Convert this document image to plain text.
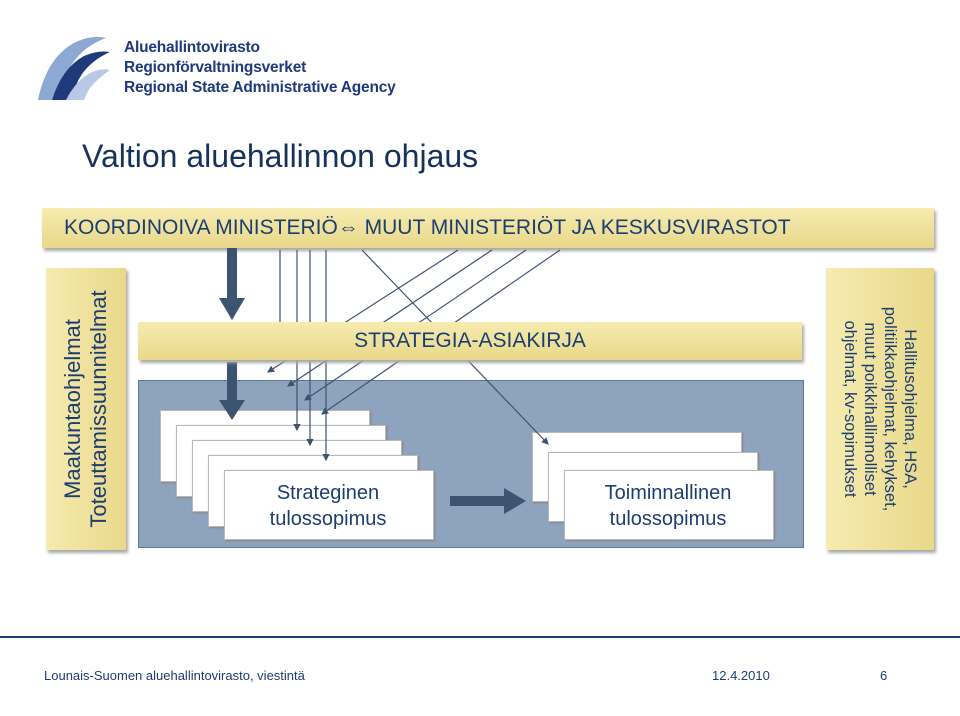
Aluehallintovirasto
Regionförvaltningsverket
Regional State Administrative Agency
Valtion aluehallinnon ohjaus
KOORDINOIVA MINISTERIÖ⇔ MUUT MINISTERIÖT JA KESKUSVIRASTOT
Strateginen
tulossopimus
Toiminnallinen
tulossopimus
STRATEGIA-ASIAKIRJA
Maakuntaohjelmat Toteuttamissuunnitelmat	Hallitusohjelma, HSA,
politiikkaohjelmat, kehykset,
muut poikkihallinnolliset
ohjelmat, kv-sopimukset
Lounais-Suomen aluehallintovirasto, viestintä	12.4.2010	6
